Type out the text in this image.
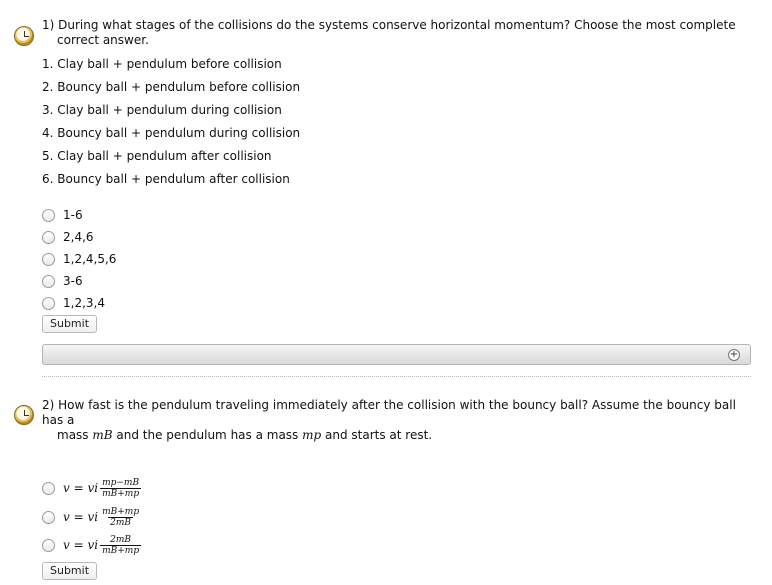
1) During what stages of the collisions do the systems conserve horizontal momentum? Choose the most complete
correct answer.
1. Clay ball + pendulum before collision
2. Bouncy ball + pendulum before collision
3. Clay ball + pendulum during collision
4. Bouncy ball + pendulum during collision
5. Clay ball + pendulum after collision
6. Bouncy ball + pendulum after collision
1-6
2,4,6
1,2,4,5,6
3-6
1,2,3,4
Submit
+
2) How fast is the pendulum traveling immediately after the collision with the bouncy ball? Assume the bouncy ball has a
mass mB and the pendulum has a mass mp and starts at rest.
v = vi $\frac{mp-mB}{mB+mp}$
v = vi $\frac{mB+mp}{2mB}$
v = vi $\frac{2mB}{mB+mp}$
Submit
